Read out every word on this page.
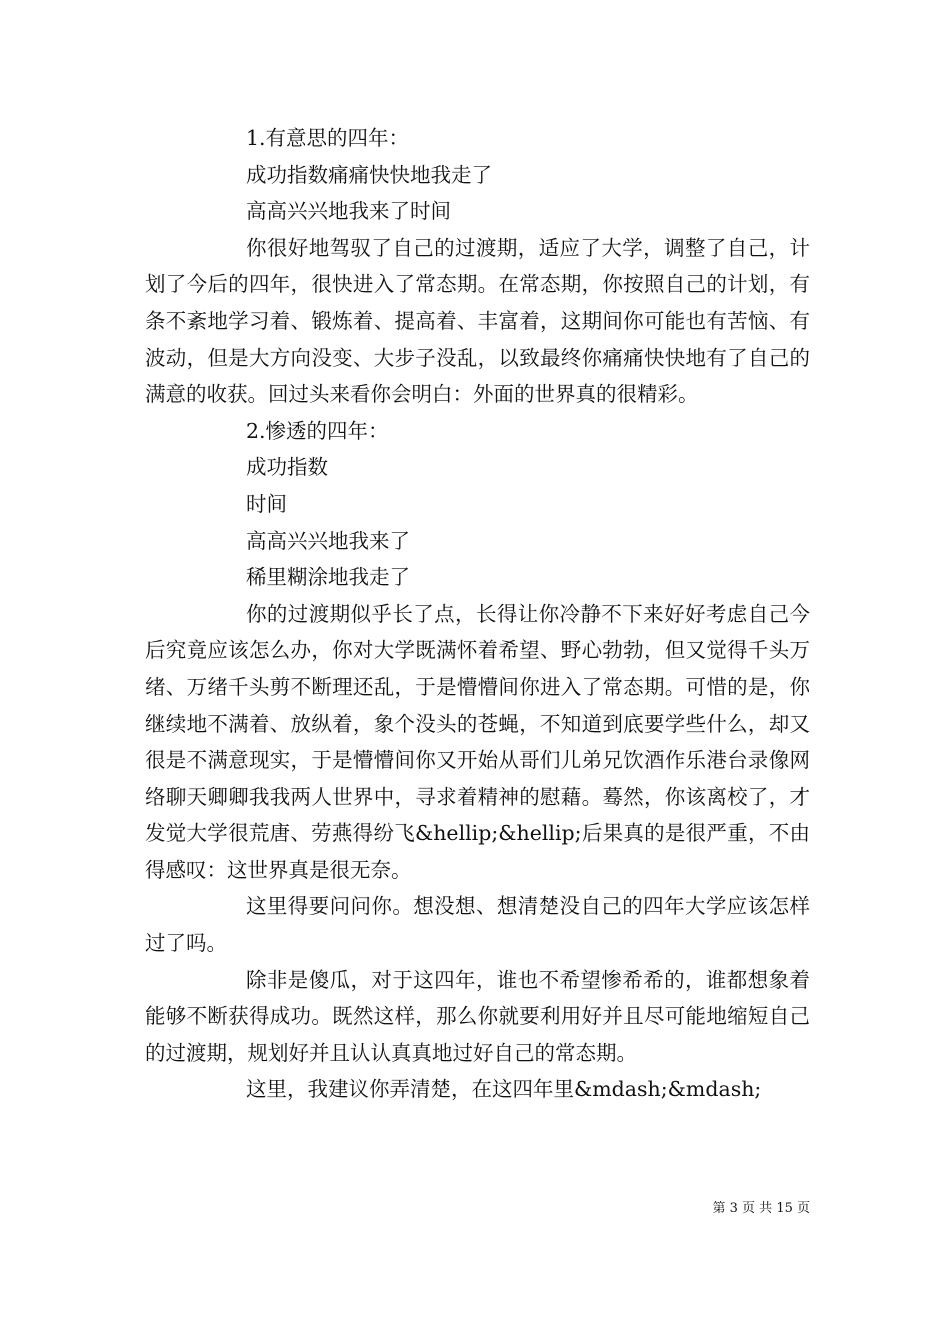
1.有意思的四年：

成功指数痛痛快快地我走了

高高兴兴地我来了时间

你很好地驾驭了自己的过渡期，适应了大学，调整了自己，计划了今后的四年，很快进入了常态期。在常态期，你按照自己的计划，有条不紊地学习着、锻炼着、提高着、丰富着，这期间你可能也有苦恼、有波动，但是大方向没变、大步子没乱，以致最终你痛痛快快地有了自己的满意的收获。回过头来看你会明白：外面的世界真的很精彩。

2.惨透的四年：

成功指数

时间

高高兴兴地我来了

稀里糊涂地我走了

你的过渡期似乎长了点，长得让你冷静不下来好好考虑自己今后究竟应该怎么办，你对大学既满怀着希望、野心勃勃，但又觉得千头万绪、万绪千头剪不断理还乱，于是懵懵间你进入了常态期。可惜的是，你继续地不满着、放纵着，象个没头的苍蝇，不知道到底要学些什么，却又很是不满意现实，于是懵懵间你又开始从哥们儿弟兄饮酒作乐港台录像网络聊天卿卿我我两人世界中，寻求着精神的慰藉。蓦然，你该离校了，才发觉大学很荒唐、劳燕得纷飞&hellip;&hellip;后果真的是很严重，不由得感叹：这世界真是很无奈。

这里得要问问你。想没想、想清楚没自己的四年大学应该怎样过了吗。

除非是傻瓜，对于这四年，谁也不希望惨希希的，谁都想象着能够不断获得成功。既然这样，那么你就要利用好并且尽可能地缩短自己的过渡期，规划好并且认认真真地过好自己的常态期。

这里，我建议你弄清楚，在这四年里&mdash;&mdash;

第 3 页 共 15 页
